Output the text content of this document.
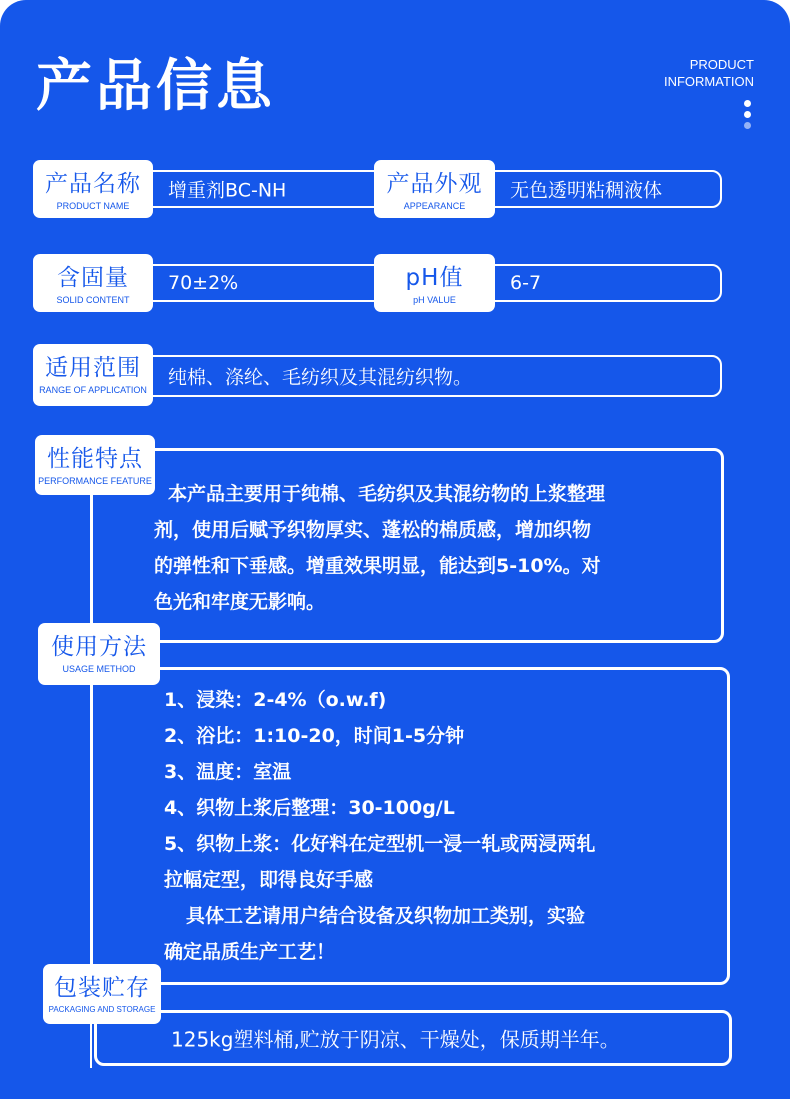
产品信息	PRODUCT
INFORMATION
增重剂BC-NH
产品名称
PRODUCT NAME
无色透明粘稠液体
产品外观
APPEARANCE
70±2%
含固量
SOLID CONTENT
6-7
pH值
pH VALUE
纯棉、涤纶、毛纺织及其混纺织物。
适用范围
RANGE OF APPLICATION
本产品主要用于纯棉、毛纺织及其混纺物的上浆整理
剂，使用后赋予织物厚实、蓬松的棉质感，增加织物
的弹性和下垂感。增重效果明显，能达到5-10%。对
色光和牢度无影响。
性能特点
PERFORMANCE FEATURE
1、浸染：2-4%（o.w.f)
2、浴比：1:10-20，时间1-5分钟
3、温度：室温
4、织物上浆后整理：30-100g/L
5、织物上浆：化好料在定型机一浸一轧或两浸两轧
拉幅定型，即得良好手感
具体工艺请用户结合设备及织物加工类别，实验
确定品质生产工艺！
使用方法
USAGE METHOD
125kg塑料桶,贮放于阴凉、干燥处，保质期半年。
包装贮存
PACKAGING AND STORAGE
